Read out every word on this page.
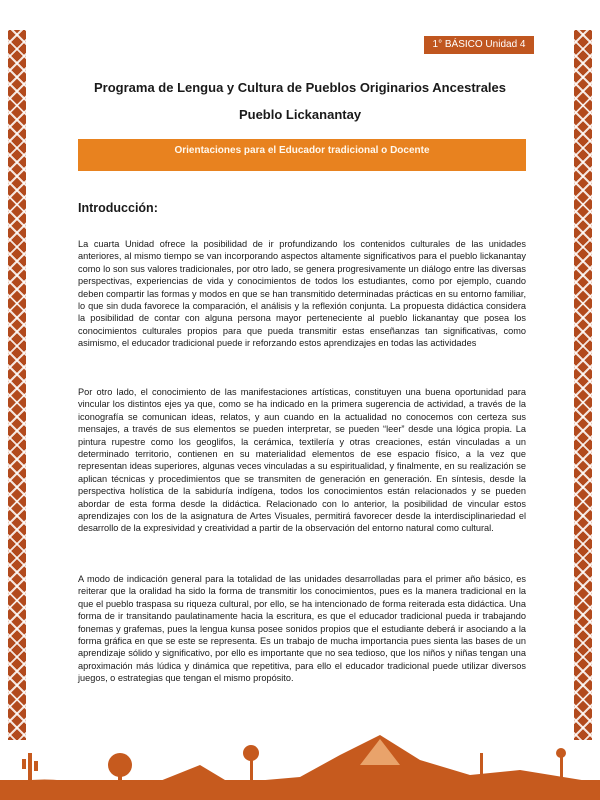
1° BÁSICO Unidad 4
Programa de Lengua y Cultura de Pueblos Originarios Ancestrales
Pueblo Lickanantay
Orientaciones para el Educador tradicional o Docente
Introducción:

La cuarta Unidad ofrece la posibilidad de ir profundizando los contenidos culturales de las unidades anteriores, al mismo tiempo se van incorporando aspectos altamente significativos para el pueblo lickanantay como lo son sus valores tradicionales, por otro lado, se genera progresivamente un diálogo entre las diversas perspectivas, experiencias de vida y conocimientos de todos los estudiantes, como por ejemplo, cuando deben compartir las formas y modos en que se han transmitido determinadas prácticas en su entorno familiar, lo que sin duda favorece la comparación, el análisis y la reflexión conjunta. La propuesta didáctica considera la posibilidad de contar con alguna persona mayor perteneciente al pueblo lickanantay que posea los conocimientos culturales propios para que pueda transmitir estas enseñanzas tan significativas, como asimismo, el educador tradicional puede ir reforzando estos aprendizajes en todas las actividades

Por otro lado, el conocimiento de las manifestaciones artísticas, constituyen una buena oportunidad para vincular los distintos ejes ya que, como se ha indicado en la primera sugerencia de actividad, a través de la iconografía se comunican ideas, relatos, y aun cuando en la actualidad no conocemos con certeza sus mensajes, a través de sus elementos se pueden interpretar, se pueden “leer” desde una lógica propia. La pintura rupestre como los geoglifos, la cerámica, textilería y otras creaciones, están vinculadas a un determinado territorio, contienen en su materialidad elementos de ese espacio físico, a la vez que representan ideas superiores, algunas veces vinculadas a su espiritualidad, y finalmente, en su realización se aplican técnicas y procedimientos que se transmiten de generación en generación. En síntesis, desde la perspectiva holística de la sabiduría indígena, todos los conocimientos están relacionados y se pueden abordar de esta forma desde la didáctica. Relacionado con lo anterior, la posibilidad de vincular estos aprendizajes con los de la asignatura de Artes Visuales, permitirá favorecer desde la interdisciplinariedad el desarrollo de la expresividad y creatividad a partir de la observación del entorno natural como cultural.

A modo de indicación general para la totalidad de las unidades desarrolladas para el primer año básico, es reiterar que la oralidad ha sido la forma de transmitir los conocimientos, pues es la manera tradicional en la que el pueblo traspasa su riqueza cultural, por ello, se ha intencionado de forma reiterada esta didáctica. Una forma de ir transitando paulatinamente hacia la escritura, es que el educador tradicional pueda ir trabajando fonemas y grafemas, pues la lengua kunsa posee sonidos propios que el estudiante deberá ir asociando a la forma gráfica en que se este se representa. Es un trabajo de mucha importancia pues sienta las bases de un aprendizaje sólido y significativo, por ello es importante que no sea tedioso, que los niños y niñas tengan una aproximación más lúdica y dinámica que repetitiva, para ello el educador tradicional puede utilizar diversos juegos, o estrategias que tengan el mismo propósito.
